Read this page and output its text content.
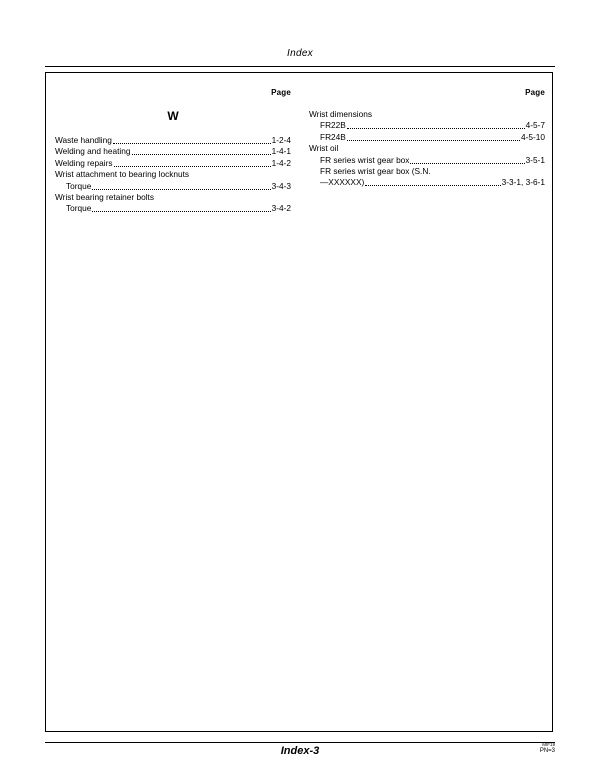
Index
Page
W
Waste handling	1-2-4
Welding and heating	1-4-1
Welding repairs	1-4-2
Wrist attachment to bearing locknuts
Torque	3-4-3
Wrist bearing retainer bolts
Torque	3-4-2
Page
Wrist dimensions
FR22B	4-5-7
FR24B	4-5-10
Wrist oil
FR series wrist gear box	3-5-1
FR series wrist gear box (S.N.
—XXXXXX)	3-3-1, 3-6-1
Index-3
MIF19
PN=3
